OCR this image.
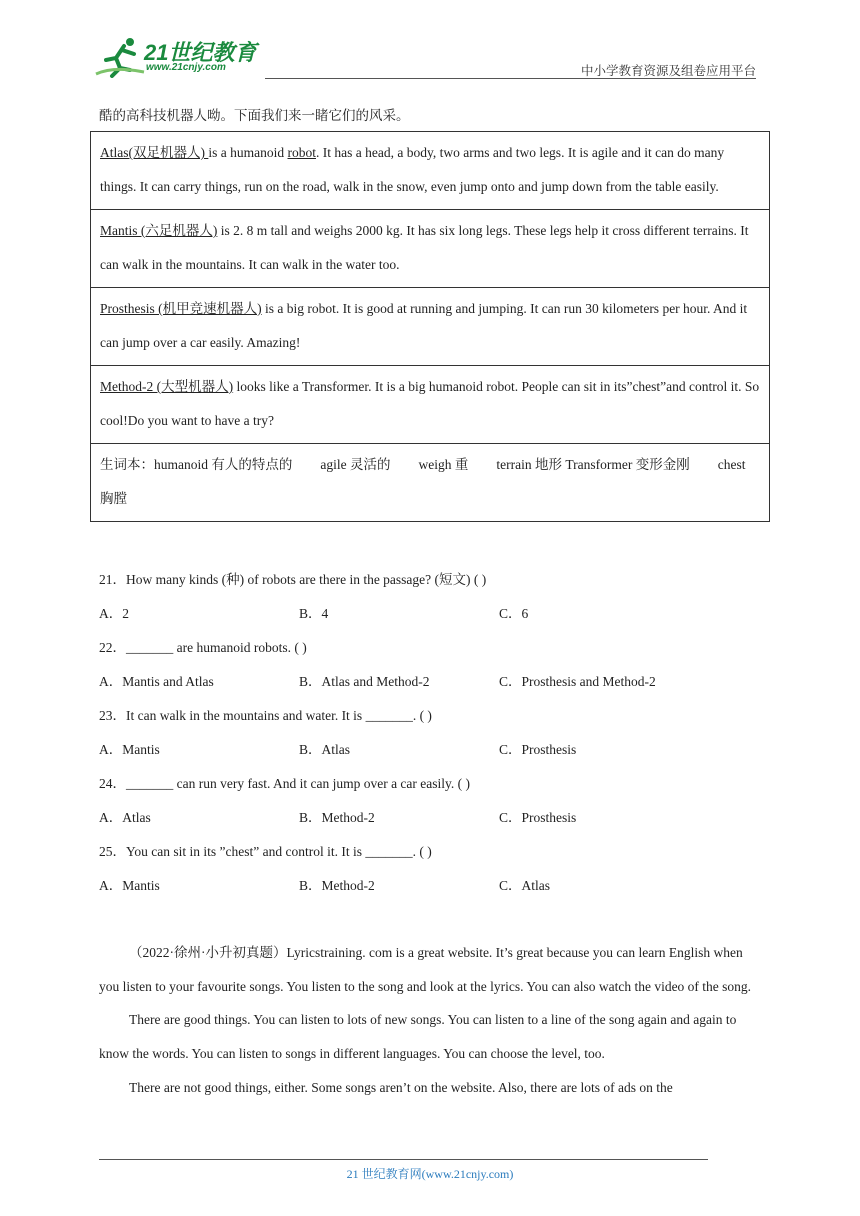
21世纪教育
www.21cnjy.com	中小学教育资源及组卷应用平台
酷的高科技机器人呦。下面我们来一睹它们的风采。
Atlas(双足机器人) is a humanoid robot. It has a head, a body, two arms and two legs. It is agile and it can do many things. It can carry things, run on the road, walk in the snow, even jump onto and jump down from the table easily.
Mantis (六足机器人) is 2. 8 m tall and weighs 2000 kg. It has six long legs. These legs help it cross different terrains. It can walk in the mountains. It can walk in the water too.
Prosthesis (机甲竞速机器人) is a big robot. It is good at running and jumping. It can run 30 kilometers per hour. And it can jump over a car easily. Amazing!
Method-2 (大型机器人) looks like a Transformer. It is a big humanoid robot. People can sit in its”chest”and control it. So cool!Do you want to have a try?
生词本：humanoid 有人的特点的 agile 灵活的 weigh 重 terrain 地形 Transformer 变形金刚 chest 胸膛
21．How many kinds (种) of robots are there in the passage? (短文) ( )
A．2	B．4	C．6
22．_______ are humanoid robots. ( )
A．Mantis and Atlas	B．Atlas and Method-2	C．Prosthesis and Method-2
23．It can walk in the mountains and water. It is _______. ( )
A．Mantis	B．Atlas	C．Prosthesis
24．_______ can run very fast. And it can jump over a car easily. ( )
A．Atlas	B．Method-2	C．Prosthesis
25．You can sit in its ”chest” and control it. It is _______. ( )
A．Mantis	B．Method-2	C．Atlas

（2022·徐州·小升初真题）Lyricstraining. com is a great website. It’s great because you can learn English when you listen to your favourite songs. You listen to the song and look at the lyrics. You can also watch the video of the song.

There are good things. You can listen to lots of new songs. You can listen to a line of the song again and again to know the words. You can listen to songs in different languages. You can choose the level, too.

There are not good things, either. Some songs aren’t on the website. Also, there are lots of ads on the

21 世纪教育网(www.21cnjy.com)
